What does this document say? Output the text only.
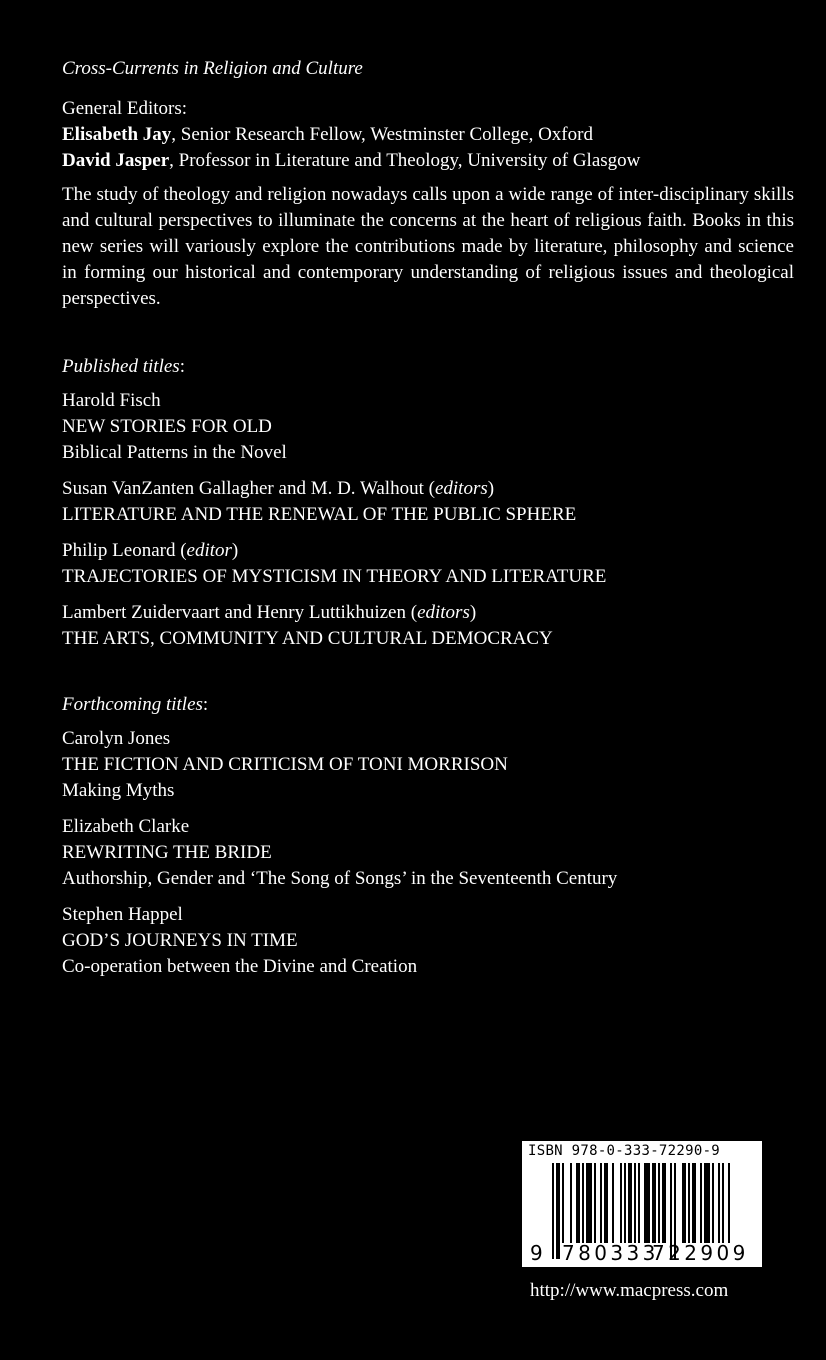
Cross-Currents in Religion and Culture
General Editors:
Elisabeth Jay, Senior Research Fellow, Westminster College, Oxford
David Jasper, Professor in Literature and Theology, University of Glasgow
The study of theology and religion nowadays calls upon a wide range of inter-disciplinary skills and cultural perspectives to illuminate the concerns at the heart of religious faith. Books in this new series will variously explore the contributions made by literature, philosophy and science in forming our historical and contemporary understanding of religious issues and theological perspectives.
Published titles:
Harold Fisch
NEW STORIES FOR OLD
Biblical Patterns in the Novel
Susan VanZanten Gallagher and M. D. Walhout (editors)
LITERATURE AND THE RENEWAL OF THE PUBLIC SPHERE
Philip Leonard (editor)
TRAJECTORIES OF MYSTICISM IN THEORY AND LITERATURE
Lambert Zuidervaart and Henry Luttikhuizen (editors)
THE ARTS, COMMUNITY AND CULTURAL DEMOCRACY
Forthcoming titles:
Carolyn Jones
THE FICTION AND CRITICISM OF TONI MORRISON
Making Myths
Elizabeth Clarke
REWRITING THE BRIDE
Authorship, Gender and ‘The Song of Songs’ in the Seventeenth Century
Stephen Happel
GOD’S JOURNEYS IN TIME
Co-operation between the Divine and Creation
ISBN 978-0-333-72290-9
9 780333
722909
http://www.macpress.com
